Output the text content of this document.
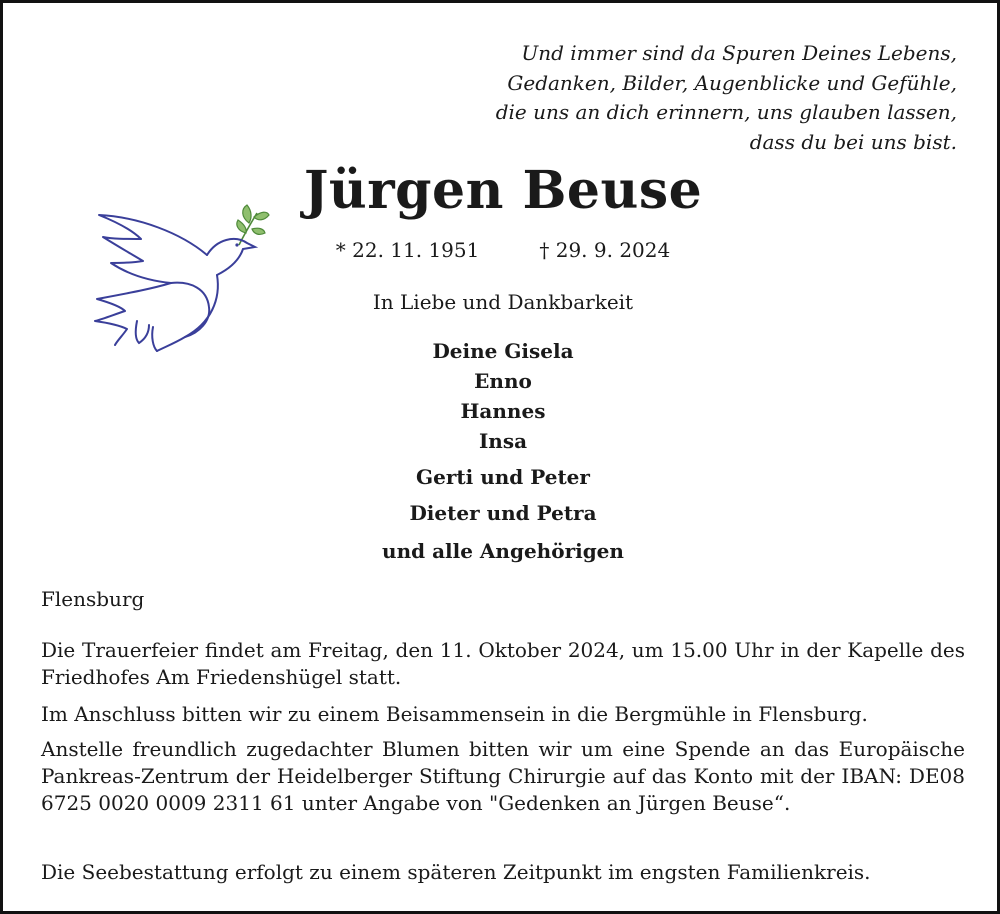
Und immer sind da Spuren Deines Lebens,
Gedanken, Bilder, Augenblicke und Gefühle,
die uns an dich erinnern, uns glauben lassen,
dass du bei uns bist.
Jürgen Beuse
* 22. 11. 1951	† 29. 9. 2024
In Liebe und Dankbarkeit
Deine Gisela
Enno
Hannes
Insa
Gerti und Peter
Dieter und Petra
und alle Angehörigen
Flensburg
Die Trauerfeier findet am Freitag, den 11. Oktober 2024, um 15.00 Uhr in der Kapelle des Friedhofes Am Friedenshügel statt.
Im Anschluss bitten wir zu einem Beisammensein in die Bergmühle in Flensburg.
Anstelle freundlich zugedachter Blumen bitten wir um eine Spende an das Europäische Pankreas-Zentrum der Heidelberger Stiftung Chirurgie auf das Konto mit der IBAN: DE08 6725 0020 0009 2311 61 unter Angabe von "Gedenken an Jürgen Beuse“.
Die Seebestattung erfolgt zu einem späteren Zeitpunkt im engsten Familienkreis.
